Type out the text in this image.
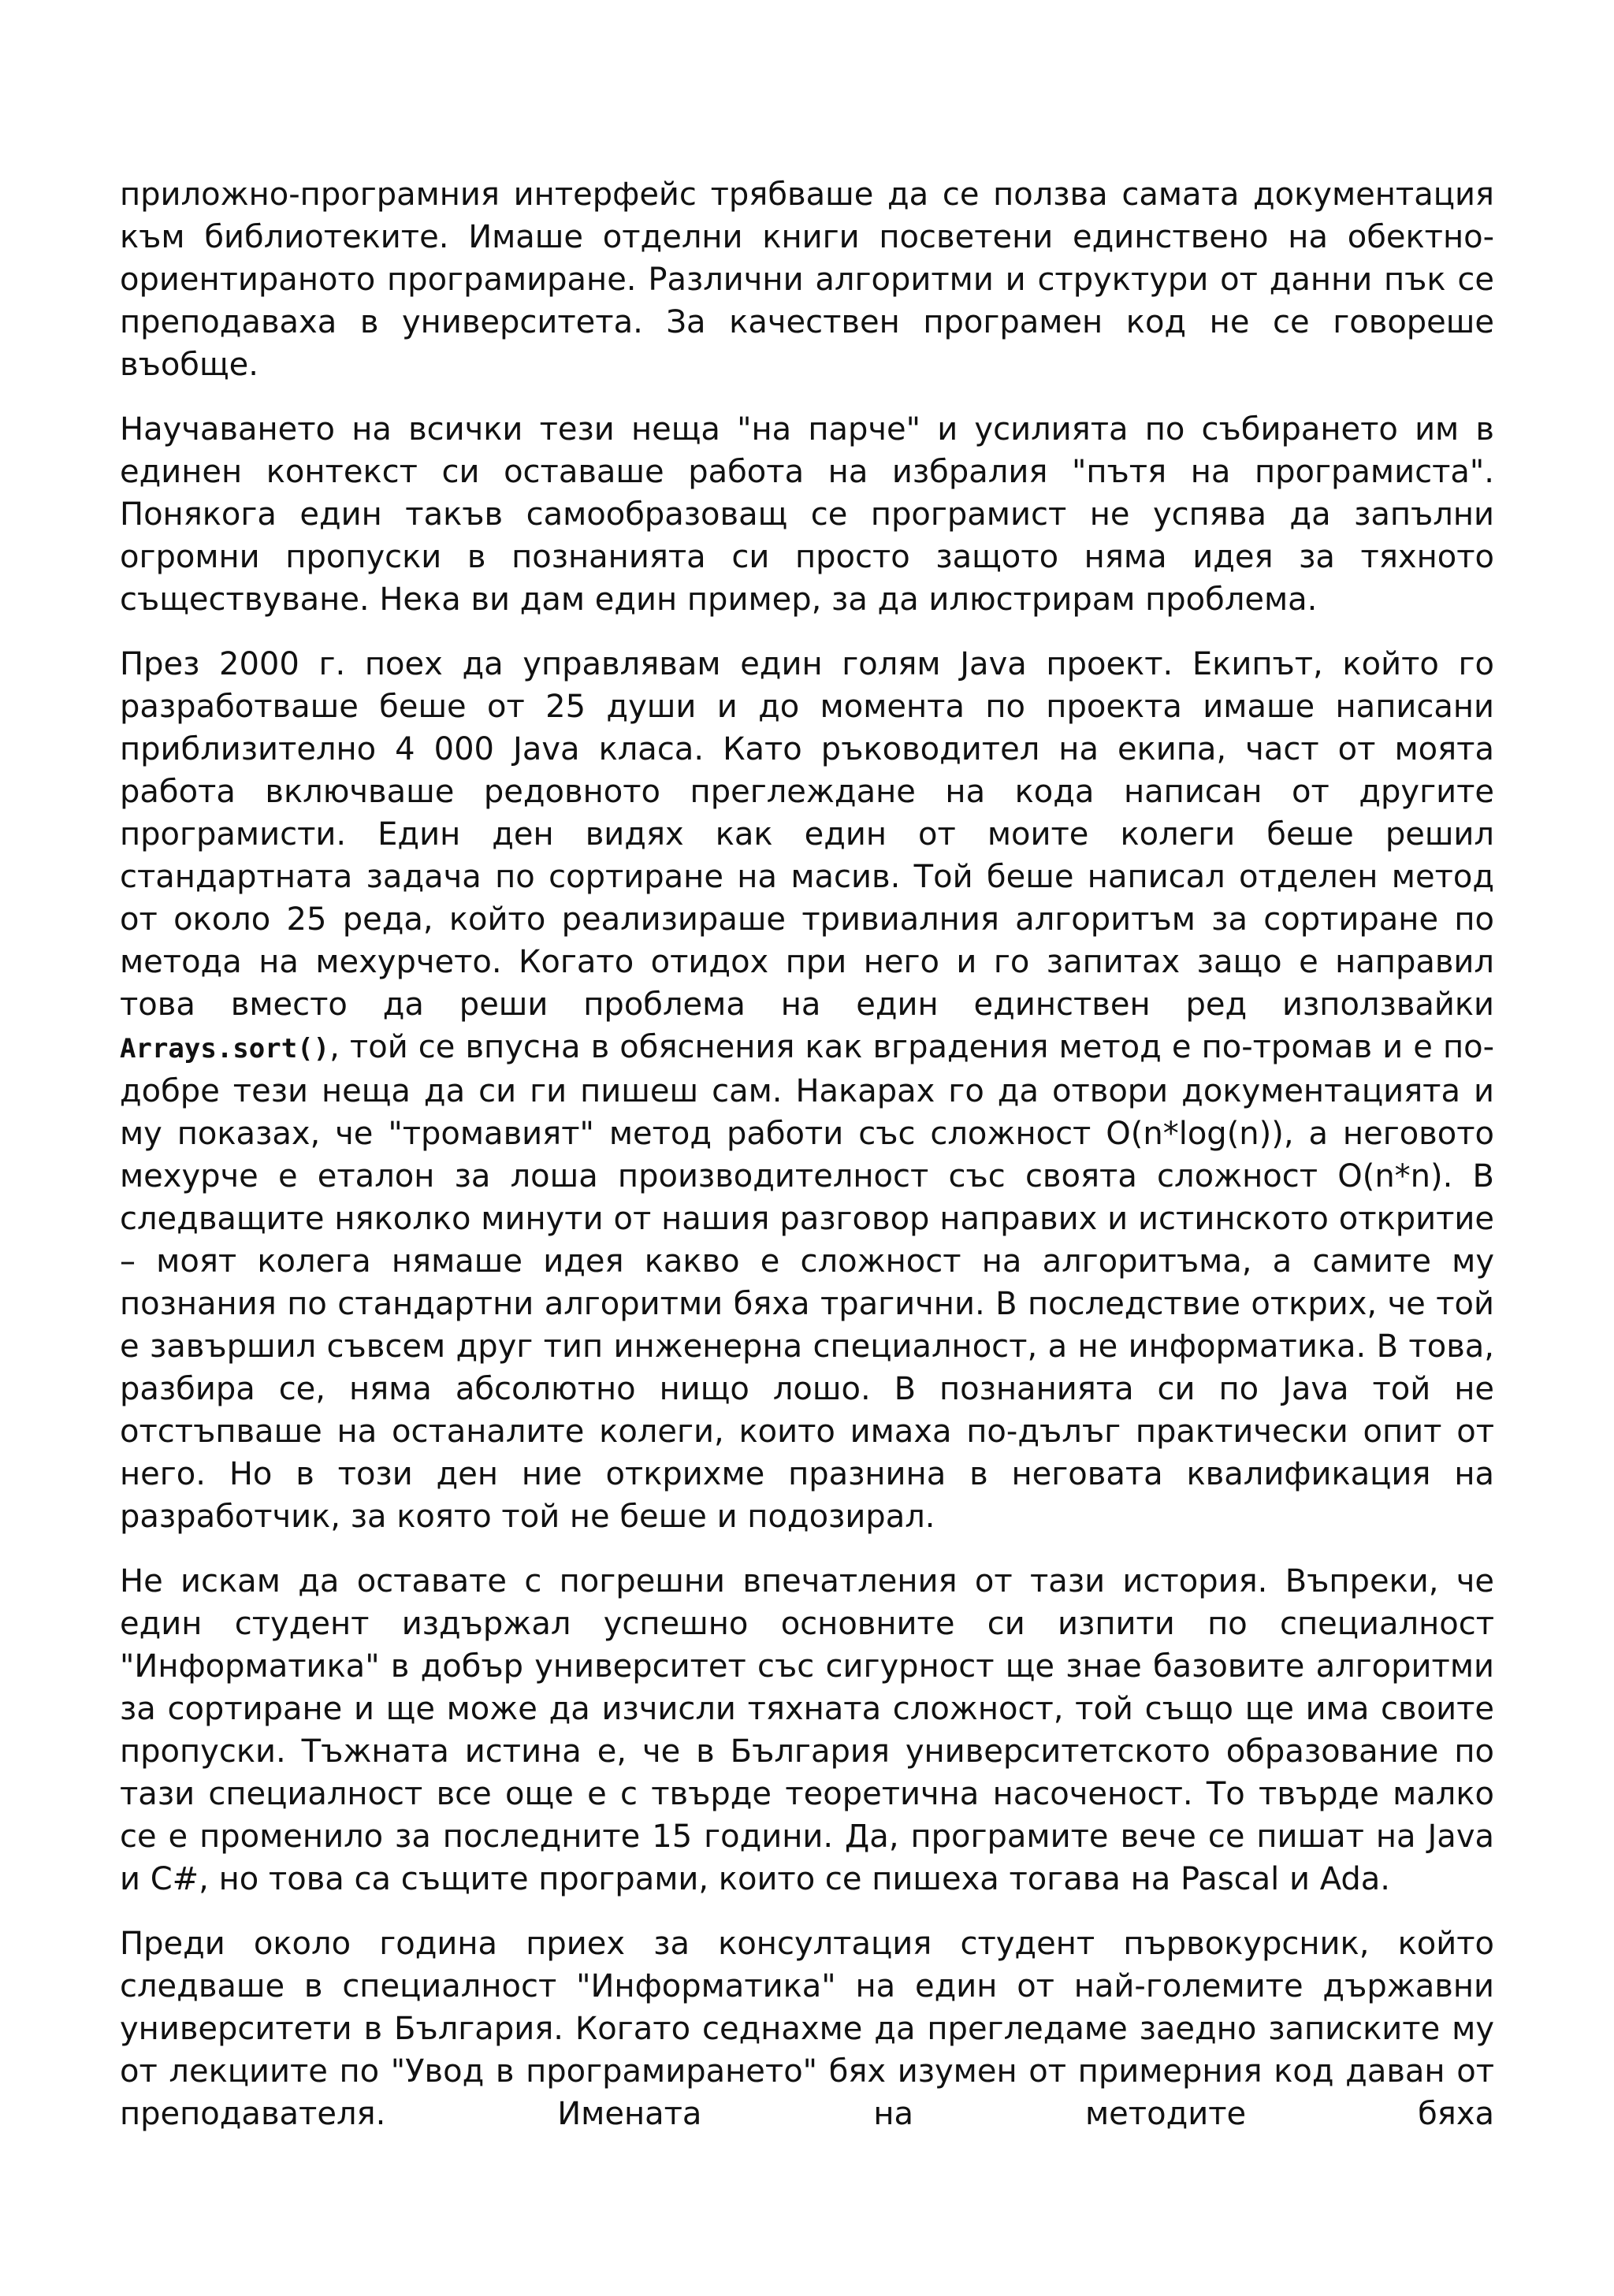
приложно-програмния интерфейс трябваше да се ползва самата документация към библиотеките. Имаше отделни книги посветени единствено на обектно-ориентираното програмиране. Различни алгоритми и структури от данни пък се преподаваха в университета. За качествен програмен код не се говореше въобще.

Научаването на всички тези неща "на парче" и усилията по събирането им в единен контекст си оставаше работа на избралия "пътя на програмиста". Понякога един такъв самообразоващ се програмист не успява да запълни огромни пропуски в познанията си просто защото няма идея за тяхното съществуване. Нека ви дам един пример, за да илюстрирам проблема.

През 2000 г. поех да управлявам един голям Java проект. Екипът, който го разработваше беше от 25 души и до момента по проекта имаше написани приблизително 4 000 Java класа. Като ръководител на екипа, част от моята работа включваше редовното преглеждане на кода написан от другите програмисти. Един ден видях как един от моите колеги беше решил стандартната задача по сортиране на масив. Той беше написал отделен метод от около 25 реда, който реализираше тривиалния алгоритъм за сортиране по метода на мехурчето. Когато отидох при него и го запитах защо е направил това вместо да реши проблема на един единствен ред използвайки Arrays.sort(), той се впусна в обяснения как вградения метод е по-тромав и е по-добре тези неща да си ги пишеш сам. Накарах го да отвори документацията и му показах, че "тромавият" метод работи със сложност O(n*log(n)), а неговото мехурче е еталон за лоша производителност със своята сложност O(n*n). В следващите няколко минути от нашия разговор направих и истинското откритие – моят колега нямаше идея какво е сложност на алгоритъма, а самите му познания по стандартни алгоритми бяха трагични. В последствие открих, че той е завършил съвсем друг тип инженерна специалност, а не информатика. В това, разбира се, няма абсолютно нищо лошо. В познанията си по Java той не отстъпваше на останалите колеги, които имаха по-дълъг практически опит от него. Но в този ден ние открихме празнина в неговата квалификация на разработчик, за която той не беше и подозирал.

Не искам да оставате с погрешни впечатления от тази история. Въпреки, че един студент издържал успешно основните си изпити по специалност "Информатика" в добър университет със сигурност ще знае базовите алгоритми за сортиране и ще може да изчисли тяхната сложност, той също ще има своите пропуски. Тъжната истина е, че в България университетското образование по тази специалност все още е с твърде теоретична насоченост. То твърде малко се е променило за последните 15 години. Да, програмите вече се пишат на Java и C#, но това са същите програми, които се пишеха тогава на Pascal и Ada.

Преди около година приех за консултация студент първокурсник, който следваше в специалност "Информатика" на един от най-големите държавни университети в България. Когато седнахме да прегледаме заедно записките му от лекциите по "Увод в програмирането" бях изумен от примерния код даван от преподавателя. Имената на методите бяха
